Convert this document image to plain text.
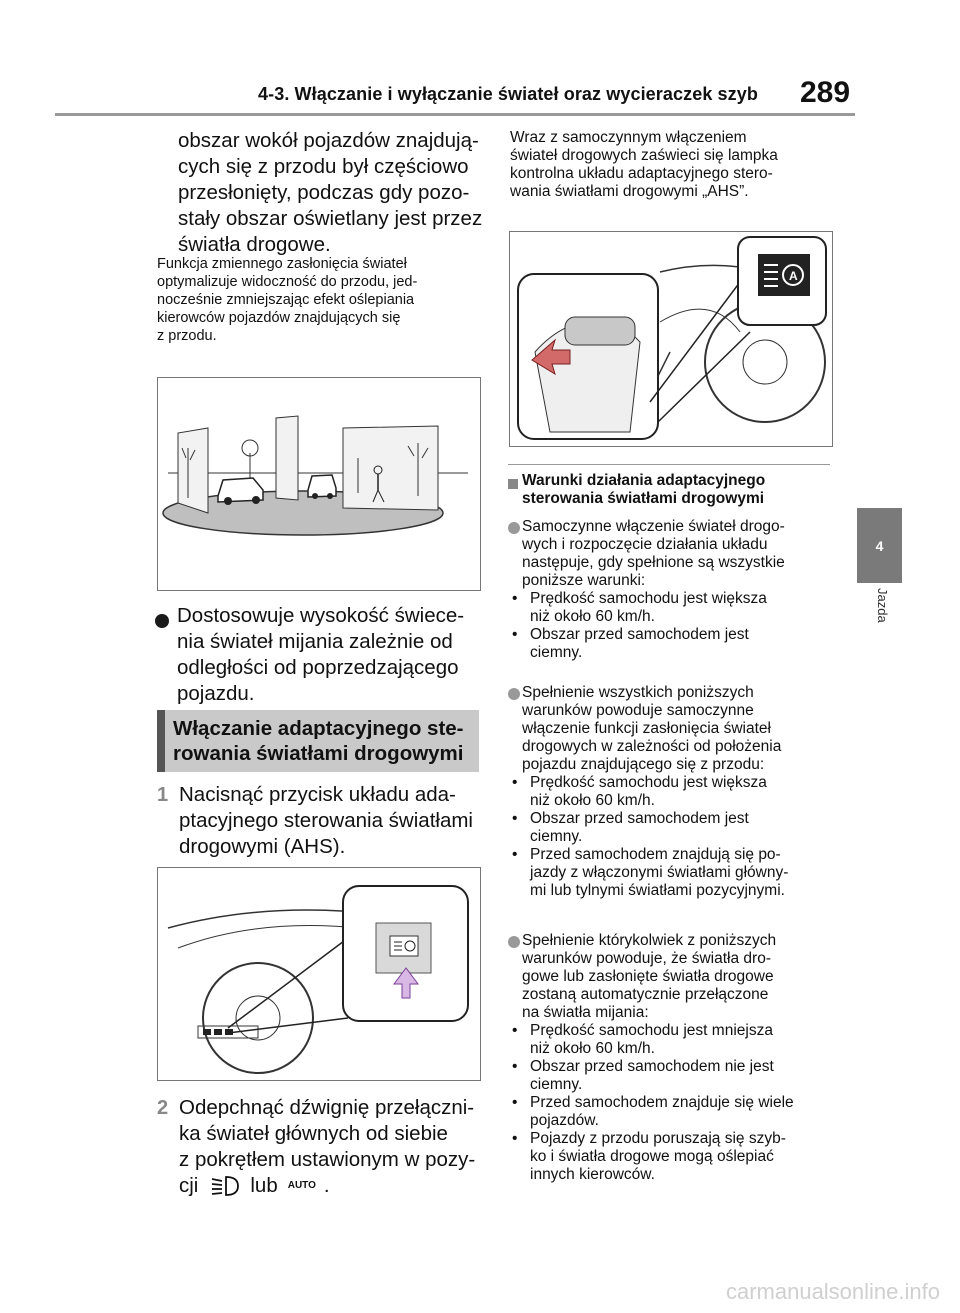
4-3. Włączanie i wyłączanie świateł oraz wycieraczek szyb 289
4
Jazda

obszar wokół pojazdów znajdują-

cych się z przodu był częściowo

przesłonięty, podczas gdy pozo-

stały obszar oświetlany jest przez

światła drogowe.

Funkcja zmiennego zasłonięcia świateł

optymalizuje widoczność do przodu, jed-

nocześnie zmniejszając efekt oślepiania

kierowców pojazdów znajdujących się

z przodu.

Dostosowuje wysokość świece-

nia świateł mijania zależnie od

odległości od poprzedzającego

pojazdu.

Włączanie adaptacyjnego ste-

rowania światłami drogowymi

1 Nacisnąć przycisk układu ada-

ptacyjnego sterowania światłami

drogowymi (AHS).

2 Odepchnąć dźwignię przełączni-

ka świateł głównych od siebie

z pokrętłem ustawionym w pozy-

cji	lub AUTO .

Wraz z samoczynnym włączeniem

świateł drogowych zaświeci się lampka

kontrolna układu adaptacyjnego stero-

wania światłami drogowymi „AHS”.

A

Warunki działania adaptacyjnego

sterowania światłami drogowymi

Samoczynne włączenie świateł drogo-

wych i rozpoczęcie działania układu

następuje, gdy spełnione są wszystkie

poniższe warunki:

• Prędkość samochodu jest większa

niż około 60 km/h.

• Obszar przed samochodem jest

ciemny.

Spełnienie wszystkich poniższych

warunków powoduje samoczynne

włączenie funkcji zasłonięcia świateł

drogowych w zależności od położenia

pojazdu znajdującego się z przodu:

• Prędkość samochodu jest większa

niż około 60 km/h.

• Obszar przed samochodem jest

ciemny.

• Przed samochodem znajdują się po-

jazdy z włączonymi światłami główny-

mi lub tylnymi światłami pozycyjnymi.

Spełnienie którykolwiek z poniższych

warunków powoduje, że światła dro-

gowe lub zasłonięte światła drogowe

zostaną automatycznie przełączone

na światła mijania:

• Prędkość samochodu jest mniejsza

niż około 60 km/h.

• Obszar przed samochodem nie jest

ciemny.

• Przed samochodem znajduje się wiele

pojazdów.

• Pojazdy z przodu poruszają się szyb-

ko i światła drogowe mogą oślepiać

innych kierowców.

carmanualsonline.info
